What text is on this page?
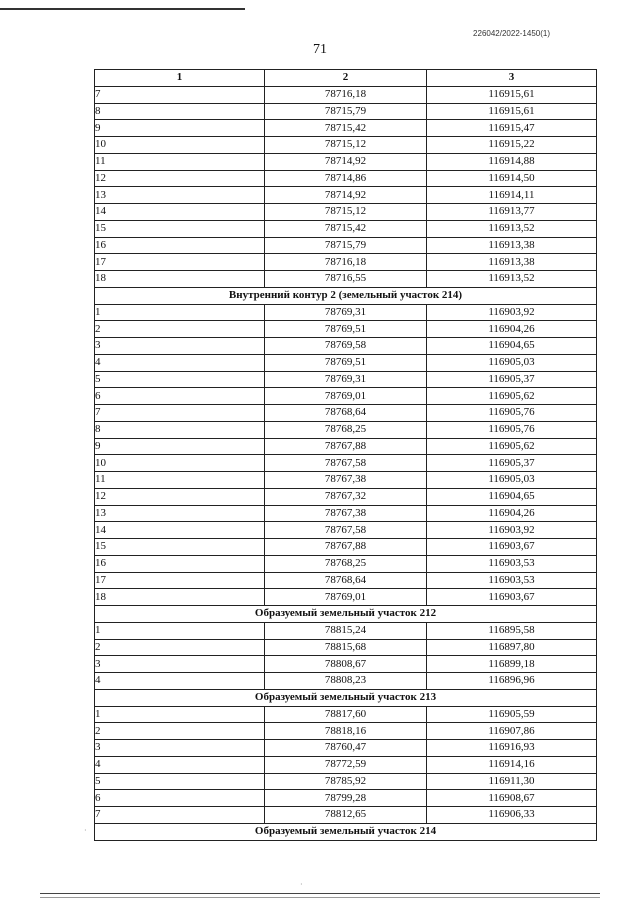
226042/2022-1450(1)
71
1	2	3
7	78716,18	116915,61
8	78715,79	116915,61
9	78715,42	116915,47
10	78715,12	116915,22
11	78714,92	116914,88
12	78714,86	116914,50
13	78714,92	116914,11
14	78715,12	116913,77
15	78715,42	116913,52
16	78715,79	116913,38
17	78716,18	116913,38
18	78716,55	116913,52
Внутренний контур 2 (земельный участок 214)		
1	78769,31	116903,92
2	78769,51	116904,26
3	78769,58	116904,65
4	78769,51	116905,03
5	78769,31	116905,37
6	78769,01	116905,62
7	78768,64	116905,76
8	78768,25	116905,76
9	78767,88	116905,62
10	78767,58	116905,37
11	78767,38	116905,03
12	78767,32	116904,65
13	78767,38	116904,26
14	78767,58	116903,92
15	78767,88	116903,67
16	78768,25	116903,53
17	78768,64	116903,53
18	78769,01	116903,67
Образуемый земельный участок 212		
1	78815,24	116895,58
2	78815,68	116897,80
3	78808,67	116899,18
4	78808,23	116896,96
Образуемый земельный участок 213		
1	78817,60	116905,59
2	78818,16	116907,86
3	78760,47	116916,93
4	78772,59	116914,16
5	78785,92	116911,30
6	78799,28	116908,67
7	78812,65	116906,33
Образуемый земельный участок 214		
·
·
